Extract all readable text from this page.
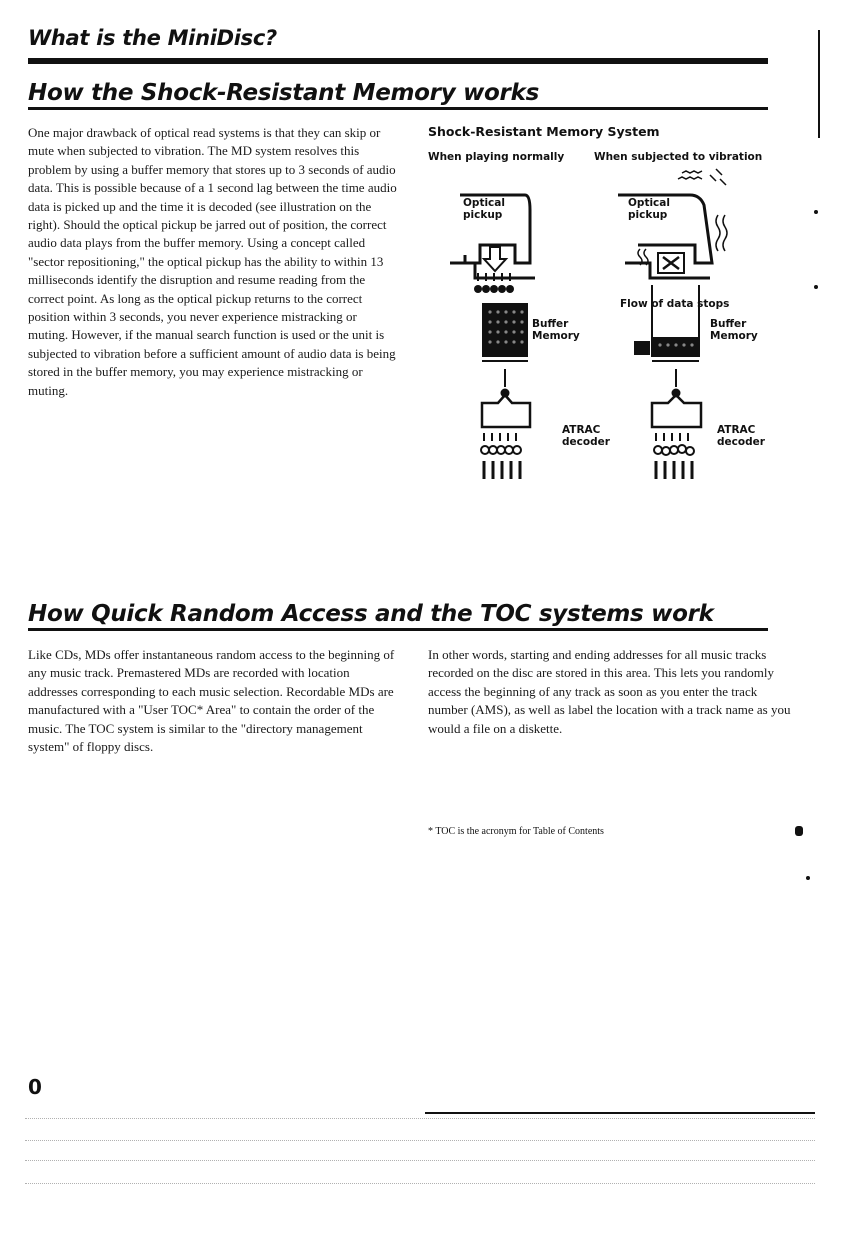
What is the MiniDisc?
How the Shock-Resistant Memory works

One major drawback of optical read systems is that they can skip or mute when subjected to vibration. The MD system resolves this problem by using a buffer memory that stores up to 3 seconds of audio data. This is possible because of a 1 second lag between the time audio data is picked up and the time it is decoded (see illustration on the right). Should the optical pickup be jarred out of position, the correct audio data plays from the buffer memory. Using a concept called "sector repositioning," the optical pickup has the ability to within 13 milliseconds identify the disruption and resume reading from the correct point. As long as the optical pickup returns to the correct position within 3 seconds, you never experience mistracking or muting. However, if the manual search function is used or the unit is subjected to vibration before a sufficient amount of audio data is being stored in the buffer memory, you may experience mistracking or muting.

Shock-Resistant Memory System
When playing normally	When subjected to vibration
Optical pickup
Optical pickup
Flow of data stops
Buffer Memory
Buffer Memory
ATRAC decoder
ATRAC decoder
How Quick Random Access and the TOC systems work
Like CDs, MDs offer instantaneous random access to the beginning of any music track. Premastered MDs are recorded with location addresses corresponding to each music selection. Recordable MDs are manufactured with a "User TOC* Area" to contain the order of the music. The TOC system is similar to the "directory management system" of floppy discs.
In other words, starting and ending addresses for all music tracks recorded on the disc are stored in this area. This lets you randomly access the beginning of any track as soon as you enter the track number (AMS), as well as label the location with a track name as you would a file on a diskette.
* TOC is the acronym for Table of Contents
0
